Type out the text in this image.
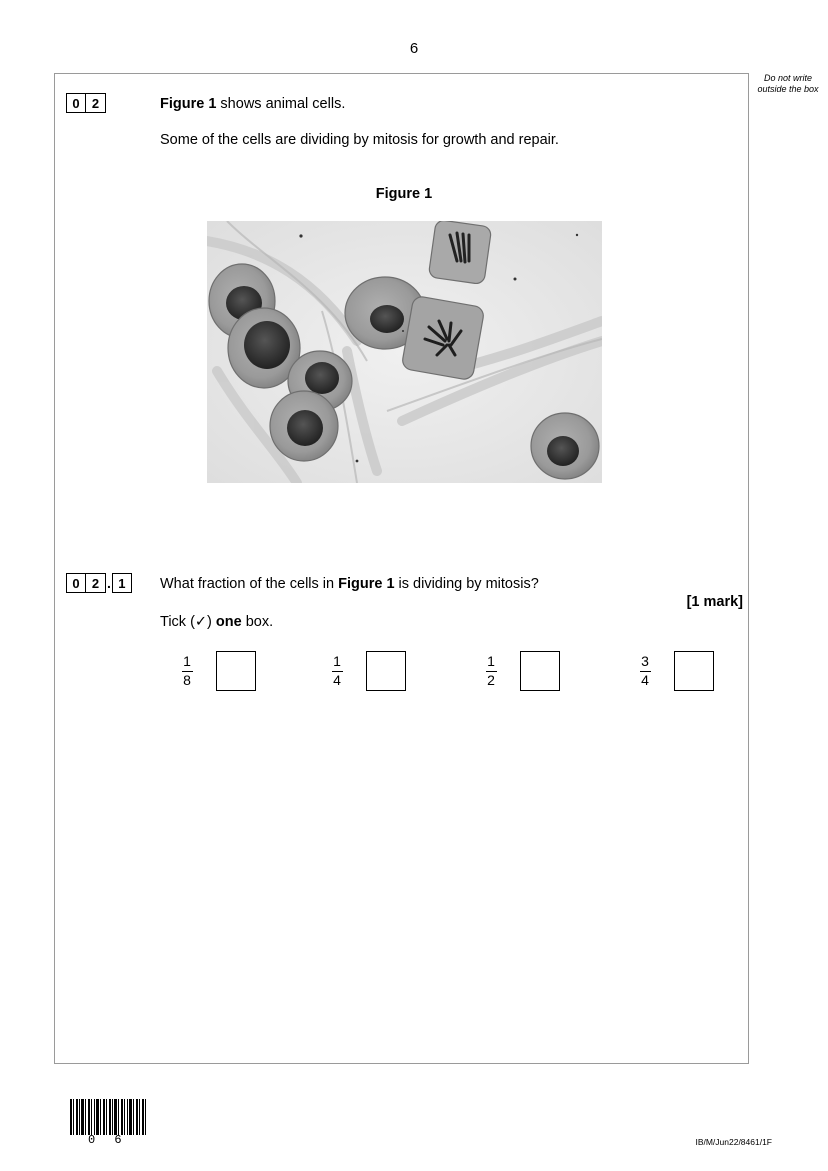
6
Do not write outside the box
0 2	Figure 1 shows animal cells.
Some of the cells are dividing by mitosis for growth and repair.
Figure 1
0 2 . 1	What fraction of the cells in Figure 1 is dividing by mitosis?
[1 mark]
Tick (✓) one box.
$\frac{1}{8}$	$\frac{1}{4}$	$\frac{1}{2}$	$\frac{3}{4}$
0 6	IB/M/Jun22/8461/1F
